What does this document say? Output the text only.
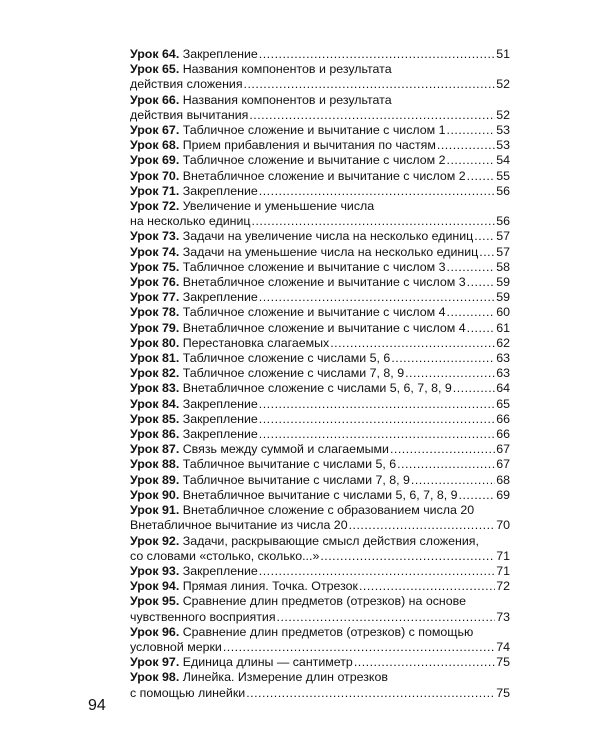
Урок 64.
Закрепление .....	51
Урок 65.
Названия компонентов и результата
действия сложения .....	52
Урок 66.
Названия компонентов и результата
действия вычитания .....	52
Урок 67.
Табличное сложение и вычитание с числом 1 .....	53
Урок 68.
Прием прибавления и вычитания по частям .....	53
Урок 69.
Табличное сложение и вычитание с числом 2 .....	54
Урок 70.
Внетабличное сложение и вычитание с числом 2 ..... 55
Урок 71.
Закрепление .....	56
Урок 72.
Увеличение и уменьшение числа
на несколько единиц .....	56
Урок 73.
Задачи на увеличение числа на несколько единиц ..... 57
Урок 74.
Задачи на уменьшение числа на несколько единиц ..... 57
Урок 75.
Табличное сложение и вычитание с числом 3 .....	58
Урок 76.
Внетабличное сложение и вычитание с числом 3 ..... 59
Урок 77.
Закрепление .....	59
Урок 78.
Табличное сложение и вычитание с числом 4 .....	60
Урок 79.
Внетабличное сложение и вычитание с числом 4 ..... 61
Урок 80.
Перестановка слагаемых .....	62
Урок 81.
Табличное сложение с числами 5, 6 .....	63
Урок 82.
Табличное сложение с числами 7, 8, 9 .....	63
Урок 83.
Внетабличное сложение с числами 5, 6, 7, 8, 9 .....	64
Урок 84.
Закрепление .....	65
Урок 85.
Закрепление .....	66
Урок 86.
Закрепление .....	66
Урок 87.
Связь между суммой и слагаемыми .....	67
Урок 88.
Табличное вычитание с числами 5, 6 .....	67
Урок 89.
Табличное вычитание с числами 7, 8, 9 .....	68
Урок 90.
Внетабличное вычитание с числами 5, 6, 7, 8, 9 .....	69
Урок 91.
Внетабличное сложение с образованием числа 20
Внетабличное вычитание из числа 20 .....	70
Урок 92.
Задачи, раскрывающие смысл действия сложения,
со словами «столько, сколько...» .....	71
Урок 93.
Закрепление .....	71
Урок 94.
Прямая линия. Точка. Отрезок .....	72
Урок 95.
Сравнение длин предметов (отрезков) на основе
чувственного восприятия .....	73
Урок 96.
Сравнение длин предметов (отрезков) с помощью
условной мерки .....	74
Урок 97.
Единица длины — сантиметр .....	75
Урок 98.
Линейка. Измерение длин отрезков
с помощью линейки .....	75
94
